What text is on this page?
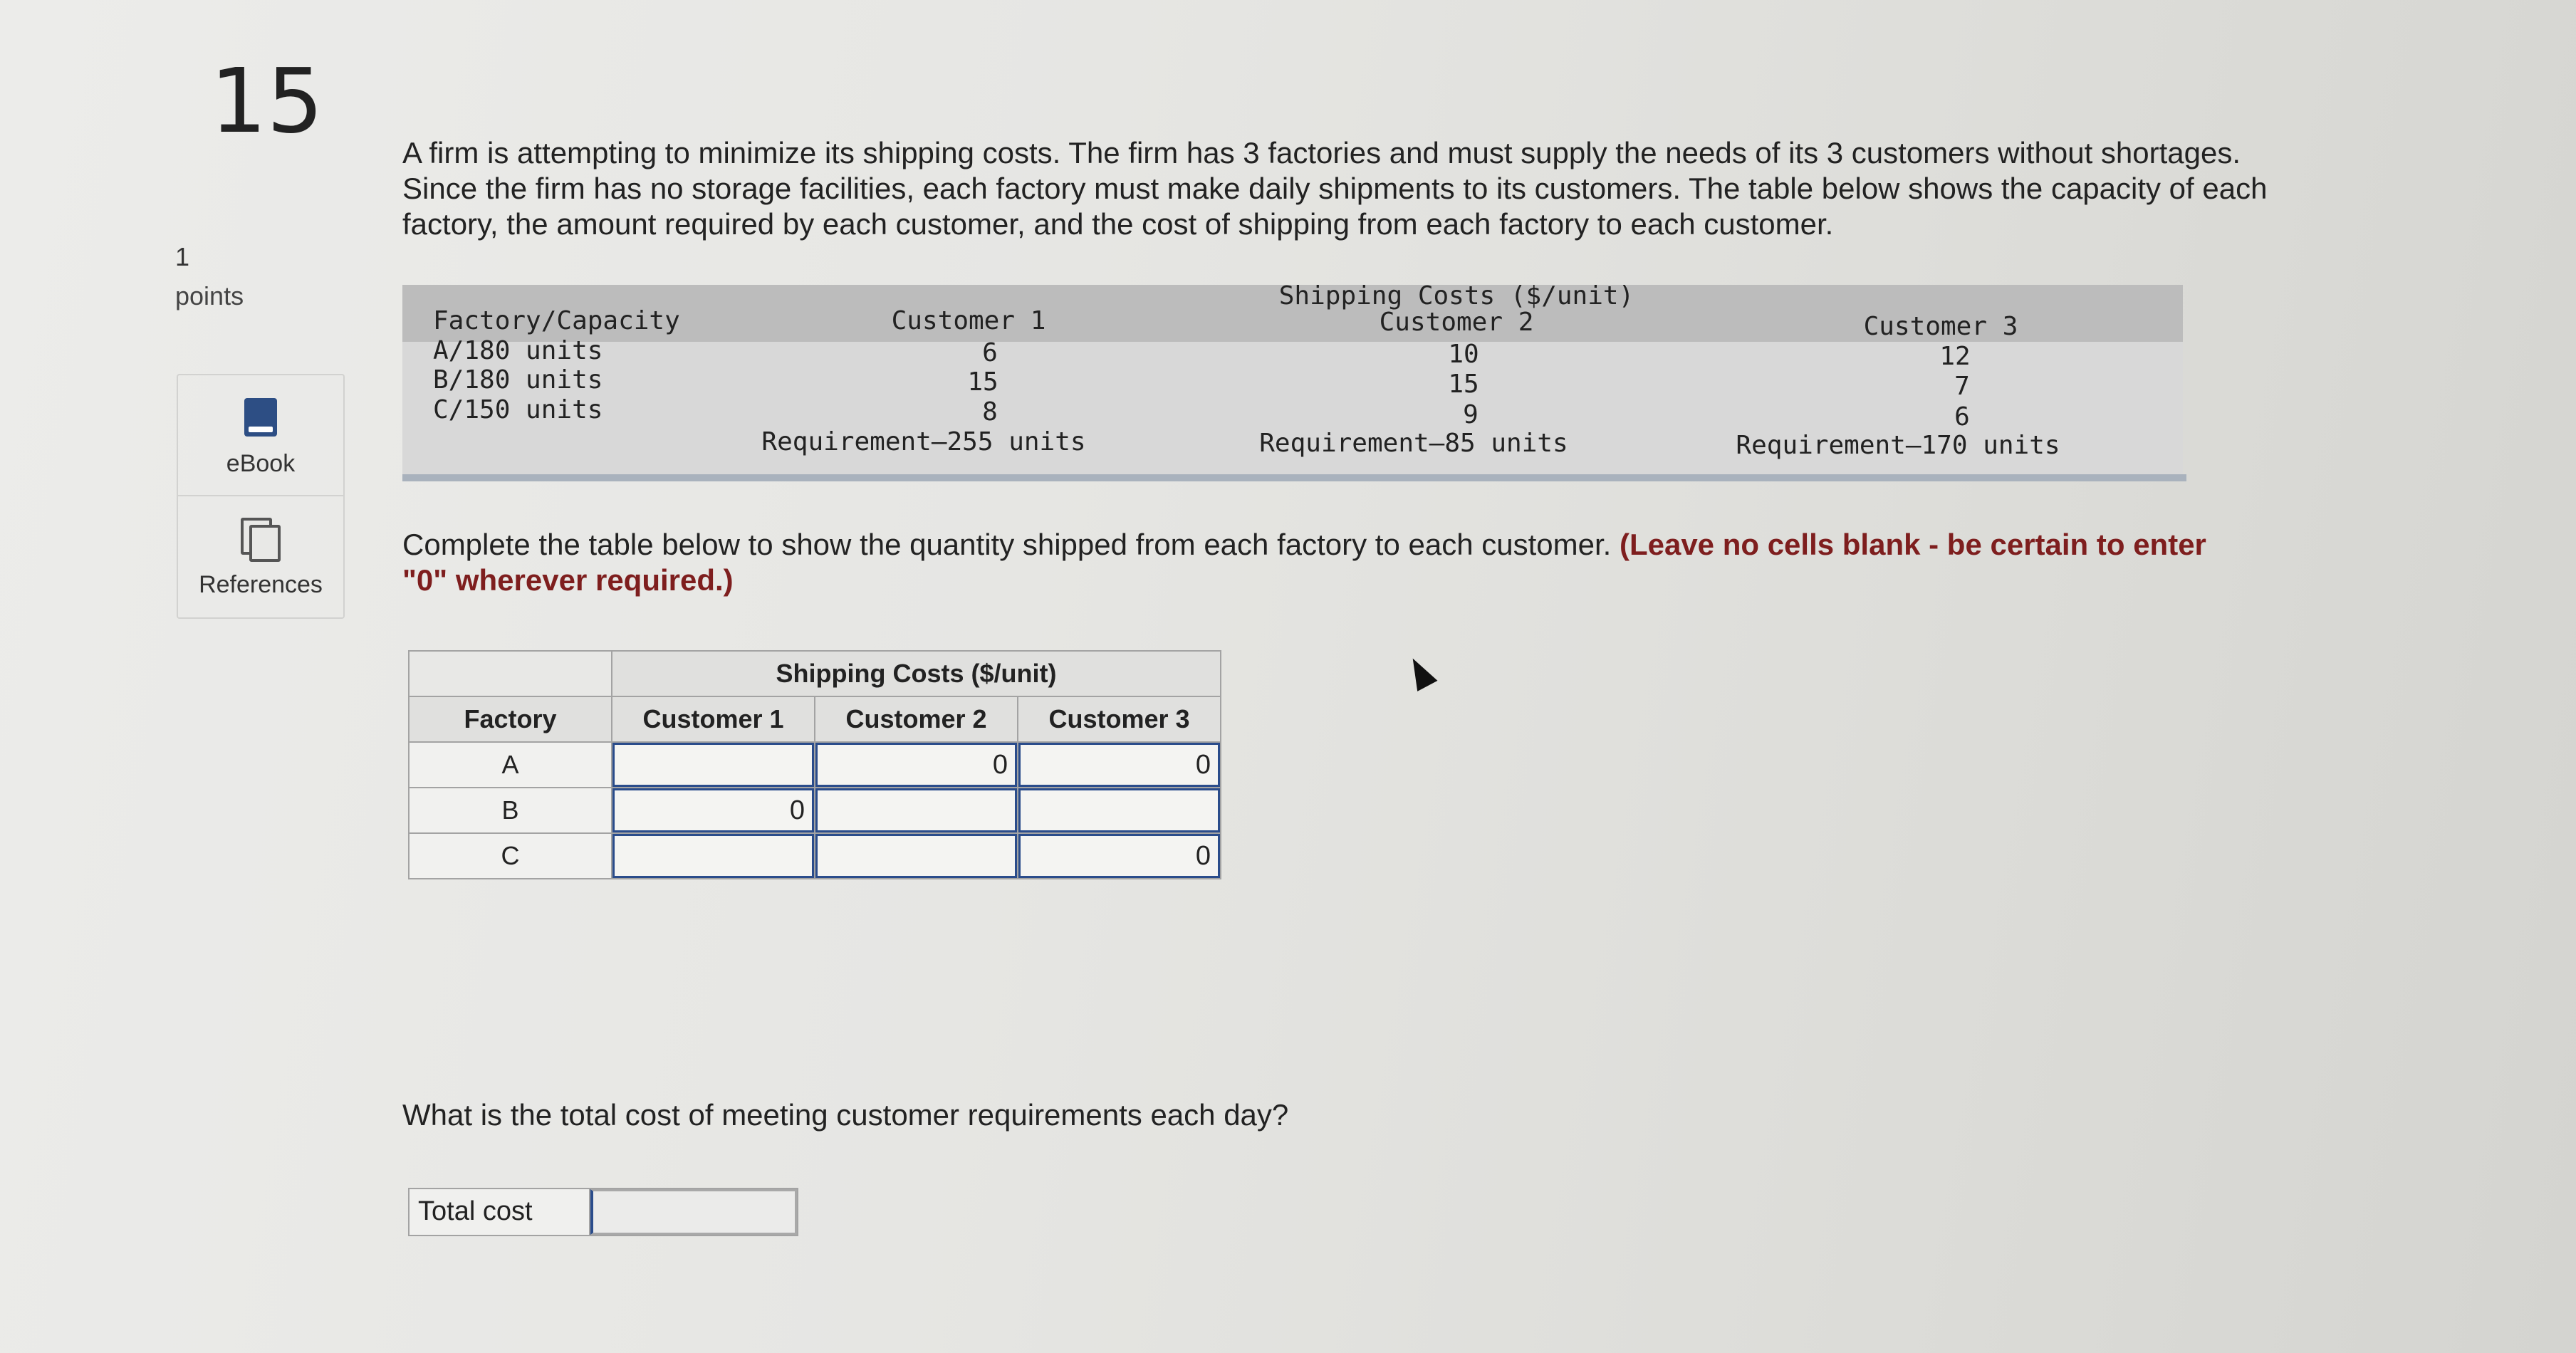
15
1
points
eBook
References
A firm is attempting to minimize its shipping costs. The firm has 3 factories and must supply the needs of its 3 customers without shortages. Since the firm has no storage facilities, each factory must make daily shipments to its customers. The table below shows the capacity of each factory, the amount required by each customer, and the cost of shipping from each factory to each customer.
Shipping Costs ($/unit)
Factory/Capacity	Customer 1	Customer 2	Customer 3
A/180 units	6	10	12
B/180 units	15	15	7
C/150 units	8	9	6
Requirement—255 units	Requirement—85 units	Requirement—170 units
Complete the table below to show the quantity shipped from each factory to each customer. (Leave no cells blank - be certain to enter "0" wherever required.)
	Shipping Costs ($/unit)		
Factory	Customer 1	Customer 2	Customer 3
A		0	0
B	0		
C			0
What is the total cost of meeting customer requirements each day?
Total cost
